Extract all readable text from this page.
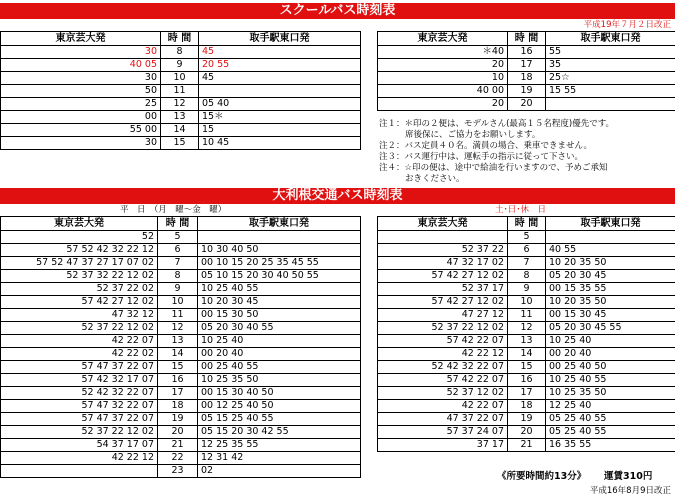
スクールバス時刻表
平成19年７月２日改正
東京芸大発	時 間	取手駅東口発
30	8	45
40 05	9	20 55
30	10	45
50	11	
25	12	05 40
00	13	15＊
55 00	14	15
30	15	10 45
東京芸大発	時 間	取手駅東口発
＊40	16	55
20	17	35
10	18	25☆
40 00	19	15 55
20	20	
注１：＊印の２便は、モデルさん(最高１５名程度)優先です。
席後保に、ご協力をお願いします。
注２：バス定員４０名。満員の場合、乗車できません。
注３：バス運行中は、運転手の指示に従って下さい。
注４：☆印の便は、途中で給油を行いますので、予めご承知
おきください。
大利根交通バス時刻表
平　日　（月　曜～金　曜）	土･日･休　日
東京芸大発	時 間	取手駅東口発
52	5	
57 52 42 32 22 12	6	10 30 40 50
57 52 47 37 27 17 07 02	7	00 10 15 20 25 35 45 55
52 37 32 22 12 02	8	05 10 15 20 30 40 50 55
52 37 22 02	9	10 25 40 55
57 42 27 12 02	10	10 20 30 45
47 32 12	11	00 15 30 50
52 37 22 12 02	12	05 20 30 40 55
42 22 07	13	10 25 40
42 22 02	14	00 20 40
57 47 37 22 07	15	00 25 40 55
57 42 32 17 07	16	10 25 35 50
52 42 32 22 07	17	00 15 30 40 50
57 47 32 22 07	18	00 12 25 40 50
57 47 37 22 07	19	05 15 25 40 55
52 37 22 12 02	20	05 15 20 30 42 55
54 37 17 07	21	12 25 35 55
42 22 12	22	12 31 42
	23	02
東京芸大発	時 間	取手駅東口発
	5	
52 37 22	6	40 55
47 32 17 02	7	10 20 35 50
57 42 27 12 02	8	05 20 30 45
52 37 17	9	00 15 35 55
57 42 27 12 02	10	10 20 35 50
47 27 12	11	00 15 30 45
52 37 22 12 02	12	05 20 30 45 55
57 42 22 07	13	10 25 40
42 22 12	14	00 20 40
52 42 32 22 07	15	00 25 40 50
57 42 22 07	16	10 25 40 55
52 37 12 02	17	10 25 35 50
42 22 07	18	12 25 40
47 37 22 07	19	05 25 40 55
57 37 24 07	20	05 25 40 55
37 17	21	16 35 55
《所要時間約13分》 運賃310円
平成16年8月9日改正
